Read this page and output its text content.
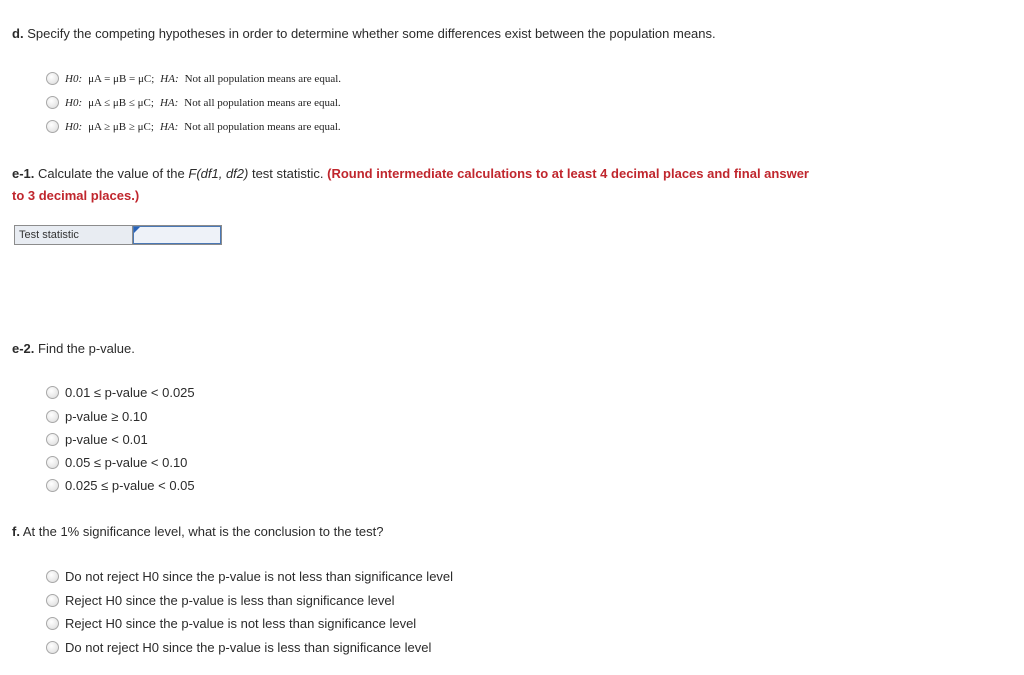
d. Specify the competing hypotheses in order to determine whether some differences exist between the population means.
H0: μA = μB = μC; HA: Not all population means are equal.
H0: μA ≤ μB ≤ μC; HA: Not all population means are equal.
H0: μA ≥ μB ≥ μC; HA: Not all population means are equal.
e-1. Calculate the value of the F(df1, df2) test statistic. (Round intermediate calculations to at least 4 decimal places and final answer
to 3 decimal places.)
Test statistic
e-2. Find the p-value.
0.01 ≤ p-value < 0.025
p-value ≥ 0.10
p-value < 0.01
0.05 ≤ p-value < 0.10
0.025 ≤ p-value < 0.05
f. At the 1% significance level, what is the conclusion to the test?
Do not reject H0 since the p-value is not less than significance level
Reject H0 since the p-value is less than significance level
Reject H0 since the p-value is not less than significance level
Do not reject H0 since the p-value is less than significance level
